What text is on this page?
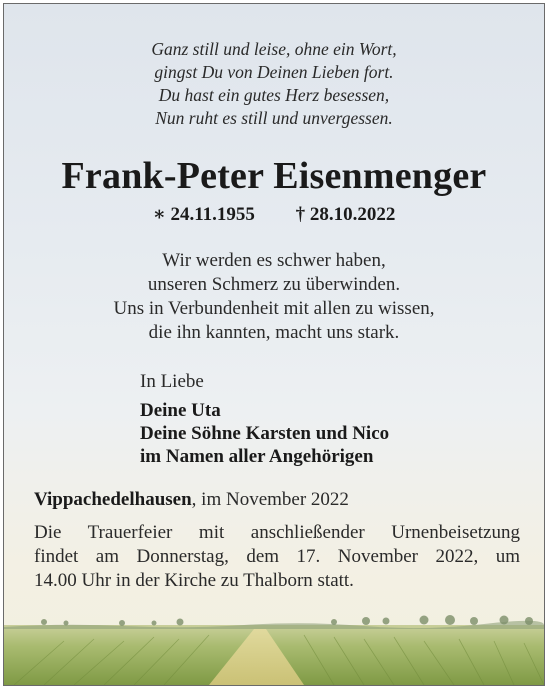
Ganz still und leise, ohne ein Wort,
gingst Du von Deinen Lieben fort.
Du hast ein gutes Herz besessen,
Nun ruht es still und unvergessen.
Frank-Peter Eisenmenger
∗ 24.11.1955 † 28.10.2022
Wir werden es schwer haben,
unseren Schmerz zu überwinden.
Uns in Verbundenheit mit allen zu wissen,
die ihn kannten, macht uns stark.
In Liebe
Deine Uta
Deine Söhne Karsten und Nico
im Namen aller Angehörigen
Vippachedelhausen, im November 2022
Die Trauerfeier mit anschließender Urnenbeisetzung
findet am Donnerstag, dem 17. November 2022, um
14.00 Uhr in der Kirche zu Thalborn statt.
